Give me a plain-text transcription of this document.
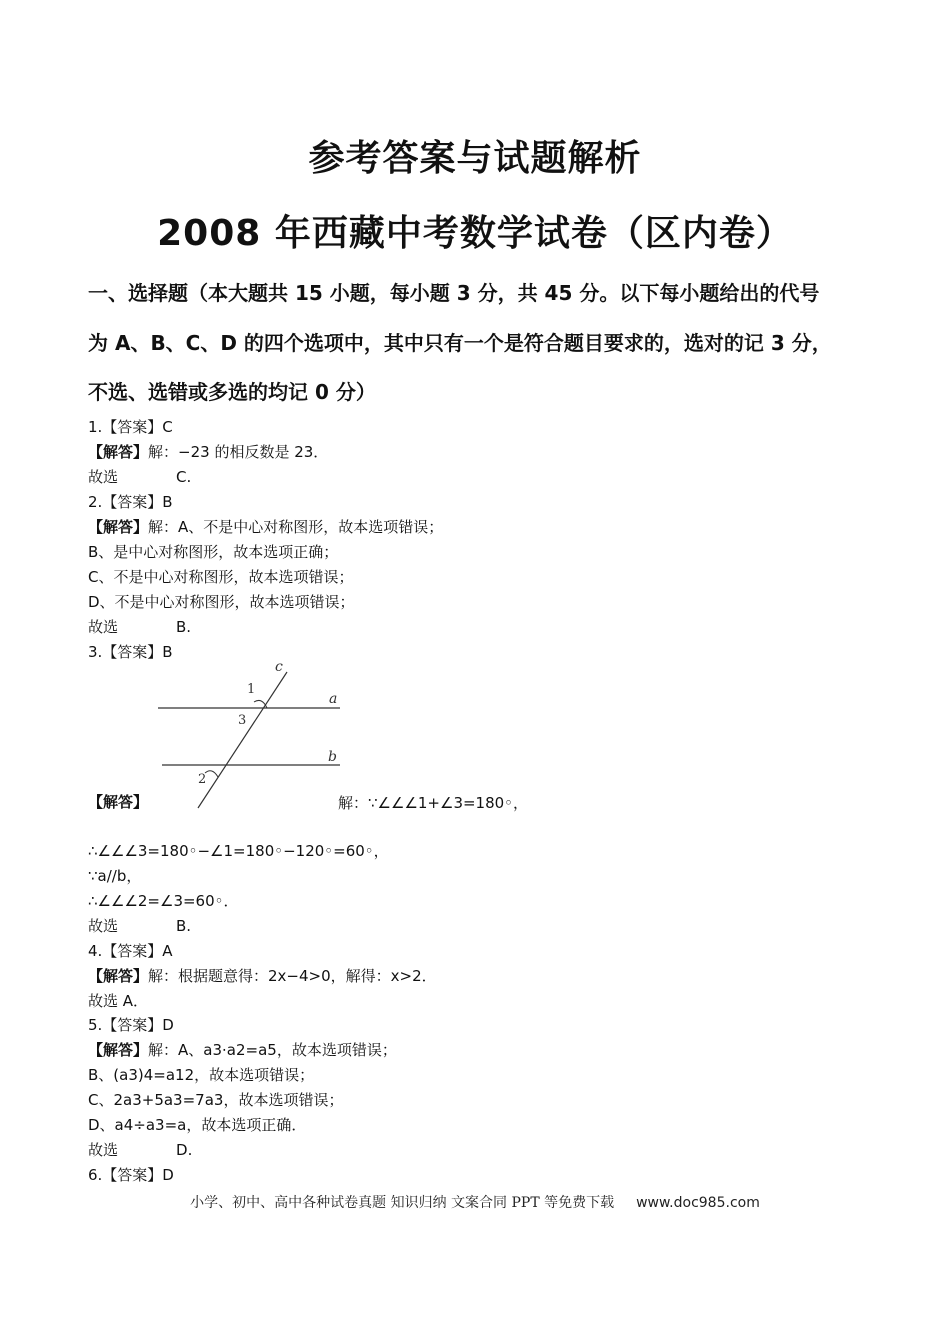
参考答案与试题解析
2008 年西藏中考数学试卷（区内卷）
一、选择题（本大题共 15 小题，每小题 3 分，共 45 分。以下每小题给出的代号
为 A、B、C、D 的四个选项中，其中只有一个是符合题目要求的，选对的记 3 分，
不选、选错或多选的均记 0 分）
1.【答案】C
【解答】解：−23 的相反数是 23．
故选	C.
2.【答案】B
【解答】解：A、不是中心对称图形，故本选项错误；
B、是中心对称图形，故本选项正确；
C、不是中心对称图形，故本选项错误；
D、不是中心对称图形，故本选项错误；
故选	B.
3.【答案】B
c
1
3
a
b
2
【解答】	解：∵∠∠∠1+∠3=180◦，
∴∠∠∠3=180◦−∠1=180◦−120◦=60◦，
∵a//b，
∴∠∠∠2=∠3=60◦．
故选	B.
4.【答案】A
【解答】解：根据题意得：2x−4>0，解得：x>2．
故选 A．
5.【答案】D
【解答】解：A、a3⋅a2=a5，故本选项错误；
B、(a3)4=a12，故本选项错误；
C、2a3+5a3=7a3，故本选项错误；
D、a4÷a3=a，故本选项正确．
故选	D.
6.【答案】D
小学、初中、高中各种试卷真题 知识归纳 文案合同 PPT 等免费下载 www.doc985.com
